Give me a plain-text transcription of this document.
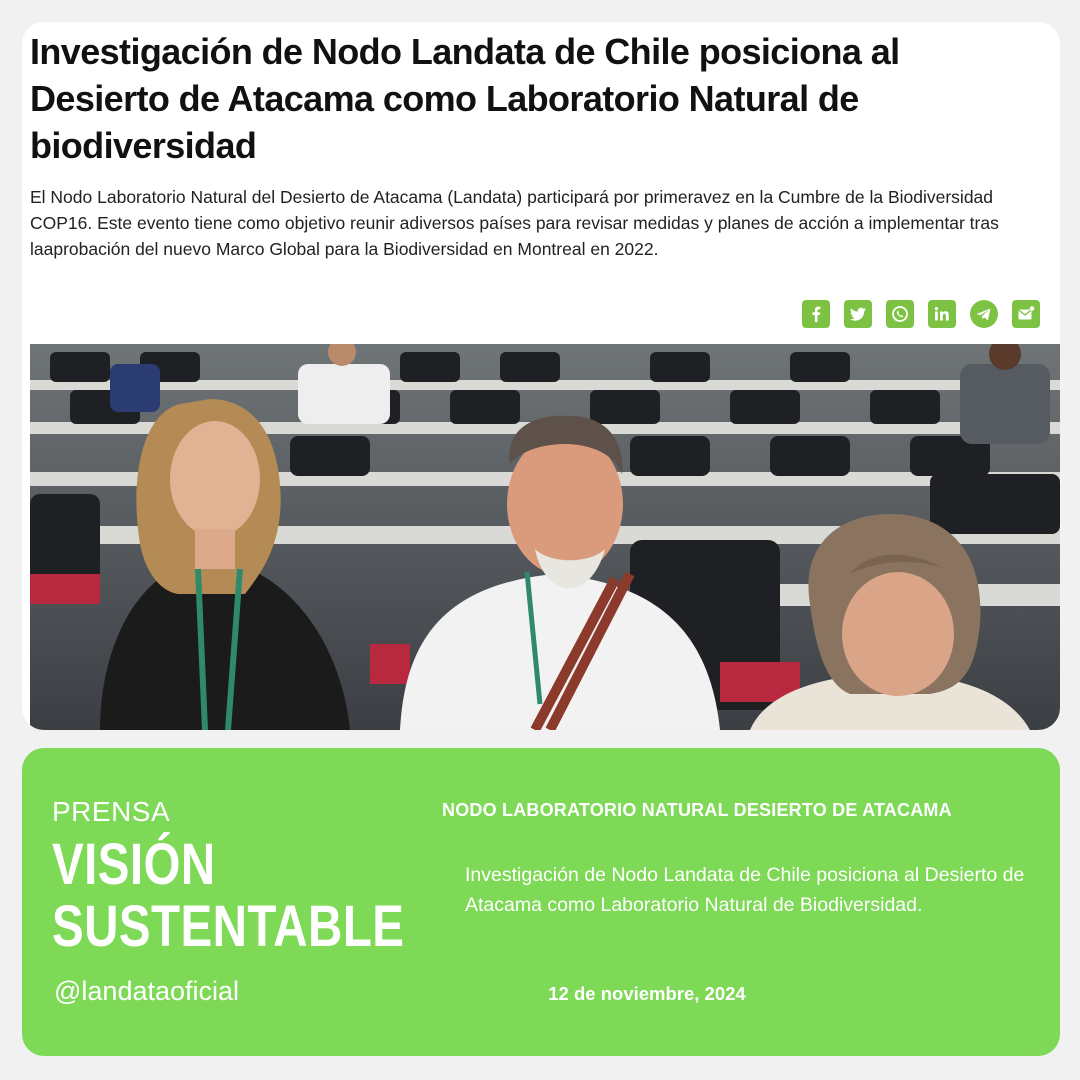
Investigación de Nodo Landata de Chile posiciona al Desierto de Atacama como Laboratorio Natural de biodiversidad

El Nodo Laboratorio Natural del Desierto de Atacama (Landata) participará por primeravez en la Cumbre de la Biodiversidad COP16. Este evento tiene como objetivo reunir adiversos países para revisar medidas y planes de acción a implementar tras laaprobación del nuevo Marco Global para la Biodiversidad en Montreal en 2022.

PRENSA
VISIÓN
SUSTENTABLE
@landataoficial
NODO LABORATORIO NATURAL DESIERTO DE ATACAMA
Investigación de Nodo Landata de Chile posiciona al Desierto de Atacama como Laboratorio Natural de Biodiversidad.
12 de noviembre, 2024
